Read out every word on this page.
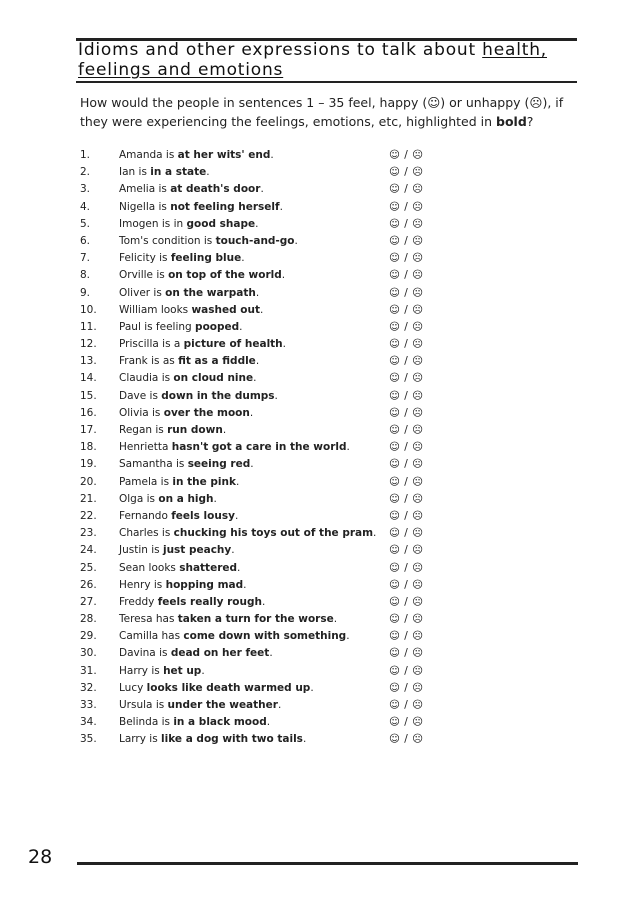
Idioms and other expressions to talk about health,
feelings and emotions
How would the people in sentences 1 – 35 feel, happy (☺) or unhappy (☹), if they were experiencing the feelings, emotions, etc, highlighted in bold?
1.	Amanda is at her wits' end.	☺ / ☹
2.	Ian is in a state.	☺ / ☹
3.	Amelia is at death's door.	☺ / ☹
4.	Nigella is not feeling herself.	☺ / ☹
5.	Imogen is in good shape.	☺ / ☹
6.	Tom's condition is touch-and-go.	☺ / ☹
7.	Felicity is feeling blue.	☺ / ☹
8.	Orville is on top of the world.	☺ / ☹
9.	Oliver is on the warpath.	☺ / ☹
10. William looks washed out.	☺ / ☹
11. Paul is feeling pooped.	☺ / ☹
12. Priscilla is a picture of health.	☺ / ☹
13. Frank is as fit as a fiddle.	☺ / ☹
14. Claudia is on cloud nine.	☺ / ☹
15. Dave is down in the dumps.	☺ / ☹
16. Olivia is over the moon.	☺ / ☹
17. Regan is run down.	☺ / ☹
18. Henrietta hasn't got a care in the world.	☺ / ☹
19. Samantha is seeing red.	☺ / ☹
20. Pamela is in the pink.	☺ / ☹
21. Olga is on a high.	☺ / ☹
22. Fernando feels lousy.	☺ / ☹
23. Charles is chucking his toys out of the pram. ☺ / ☹
24. Justin is just peachy.	☺ / ☹
25. Sean looks shattered.	☺ / ☹
26. Henry is hopping mad.	☺ / ☹
27. Freddy feels really rough.	☺ / ☹
28. Teresa has taken a turn for the worse.	☺ / ☹
29. Camilla has come down with something.	☺ / ☹
30. Davina is dead on her feet.	☺ / ☹
31. Harry is het up.	☺ / ☹
32. Lucy looks like death warmed up.	☺ / ☹
33. Ursula is under the weather.	☺ / ☹
34. Belinda is in a black mood.	☺ / ☹
35. Larry is like a dog with two tails.	☺ / ☹
28
